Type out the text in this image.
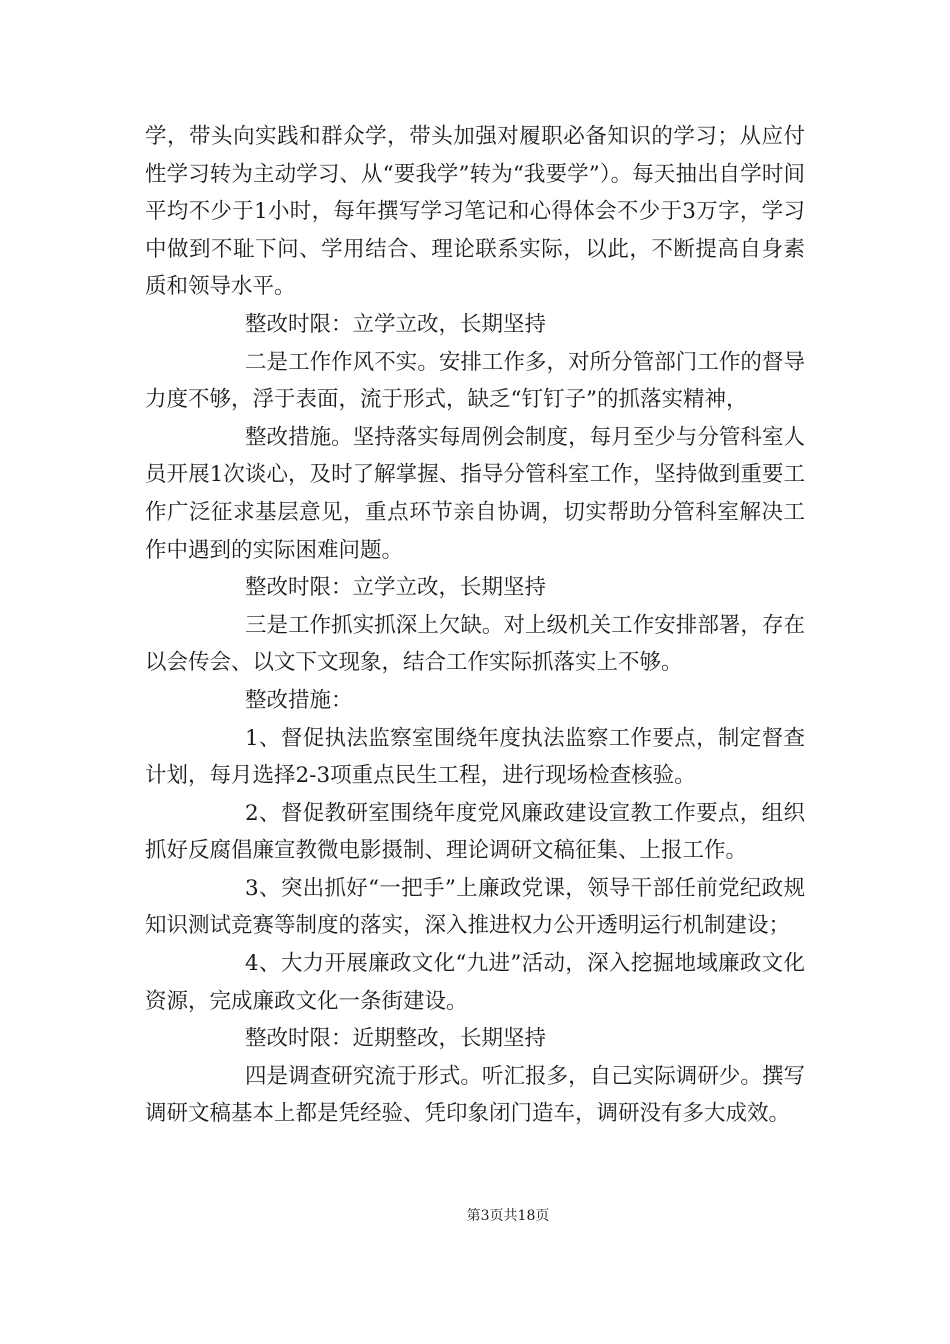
学，带头向实践和群众学，带头加强对履职必备知识的学习；从应付性学习转为主动学习、从“要我学”转为“我要学”）。每天抽出自学时间平均不少于1小时，每年撰写学习笔记和心得体会不少于3万字，学习中做到不耻下问、学用结合、理论联系实际，以此，不断提高自身素质和领导水平。

整改时限：立学立改，长期坚持

二是工作作风不实。安排工作多，对所分管部门工作的督导力度不够，浮于表面，流于形式，缺乏“钉钉子”的抓落实精神，

整改措施。坚持落实每周例会制度，每月至少与分管科室人员开展1次谈心，及时了解掌握、指导分管科室工作，坚持做到重要工作广泛征求基层意见，重点环节亲自协调，切实帮助分管科室解决工作中遇到的实际困难问题。

整改时限：立学立改，长期坚持

三是工作抓实抓深上欠缺。对上级机关工作安排部署，存在以会传会、以文下文现象，结合工作实际抓落实上不够。

整改措施：

1、督促执法监察室围绕年度执法监察工作要点，制定督查计划，每月选择2-3项重点民生工程，进行现场检查核验。

2、督促教研室围绕年度党风廉政建设宣教工作要点，组织抓好反腐倡廉宣教微电影摄制、理论调研文稿征集、上报工作。

3、突出抓好“一把手”上廉政党课，领导干部任前党纪政规知识测试竞赛等制度的落实，深入推进权力公开透明运行机制建设；

4、大力开展廉政文化“九进”活动，深入挖掘地域廉政文化资源，完成廉政文化一条街建设。

整改时限：近期整改，长期坚持

四是调查研究流于形式。听汇报多，自己实际调研少。撰写调研文稿基本上都是凭经验、凭印象闭门造车，调研没有多大成效。

第3页共18页
